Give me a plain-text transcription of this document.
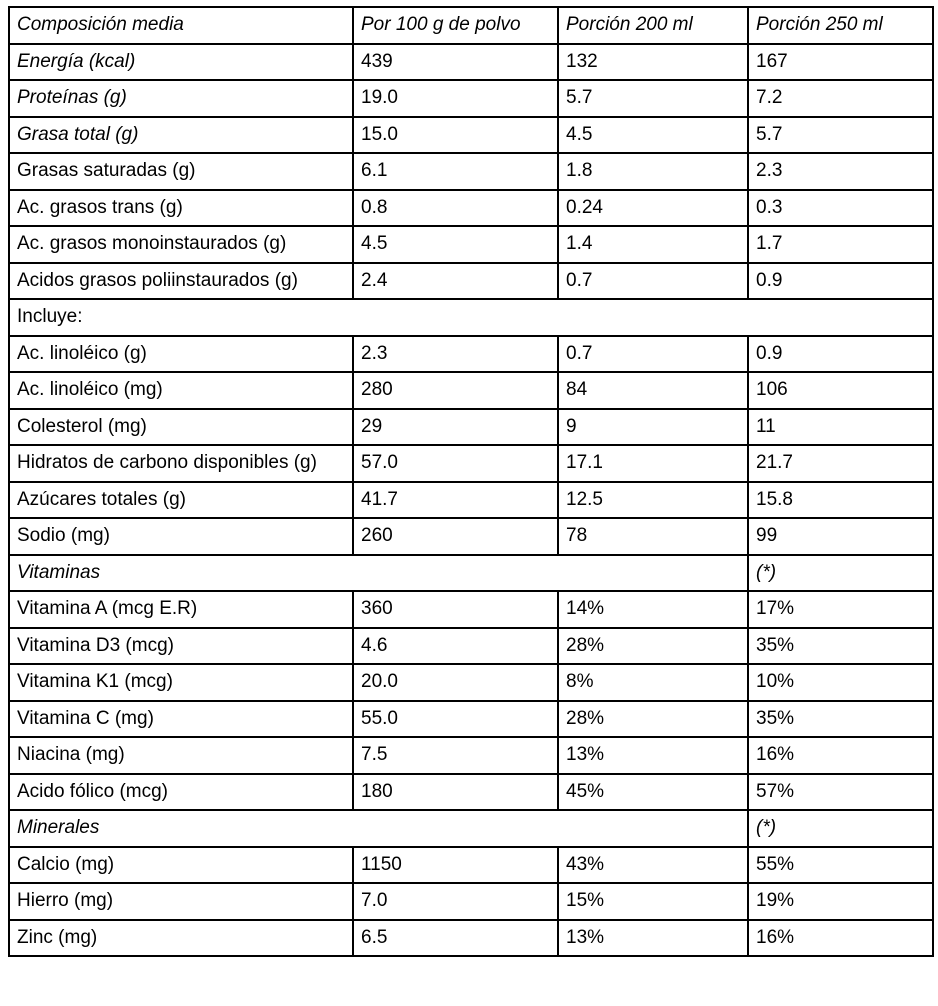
Composición media	Por 100 g de polvo	Porción 200 ml	Porción 250 ml
Energía (kcal)	439	132	167
Proteínas (g)	19.0	5.7	7.2
Grasa total (g)	15.0	4.5	5.7
Grasas saturadas (g)	6.1	1.8	2.3
Ac. grasos trans (g)	0.8	0.24	0.3
Ac. grasos monoinstaurados (g)	4.5	1.4	1.7
Acidos grasos poliinstaurados (g)	2.4	0.7	0.9
Incluye:			
Ac. linoléico (g)	2.3	0.7	0.9
Ac. linoléico (mg)	280	84	106
Colesterol (mg)	29	9	11
Hidratos de carbono disponibles (g)	57.0	17.1	21.7
Azúcares totales (g)	41.7	12.5	15.8
Sodio (mg)	260	78	99
Vitaminas			(*)
Vitamina A (mcg E.R)	360	14%	17%
Vitamina D3 (mcg)	4.6	28%	35%
Vitamina K1 (mcg)	20.0	8%	10%
Vitamina C (mg)	55.0	28%	35%
Niacina (mg)	7.5	13%	16%
Acido fólico (mcg)	180	45%	57%
Minerales			(*)
Calcio (mg)	1150	43%	55%
Hierro (mg)	7.0	15%	19%
Zinc (mg)	6.5	13%	16%
